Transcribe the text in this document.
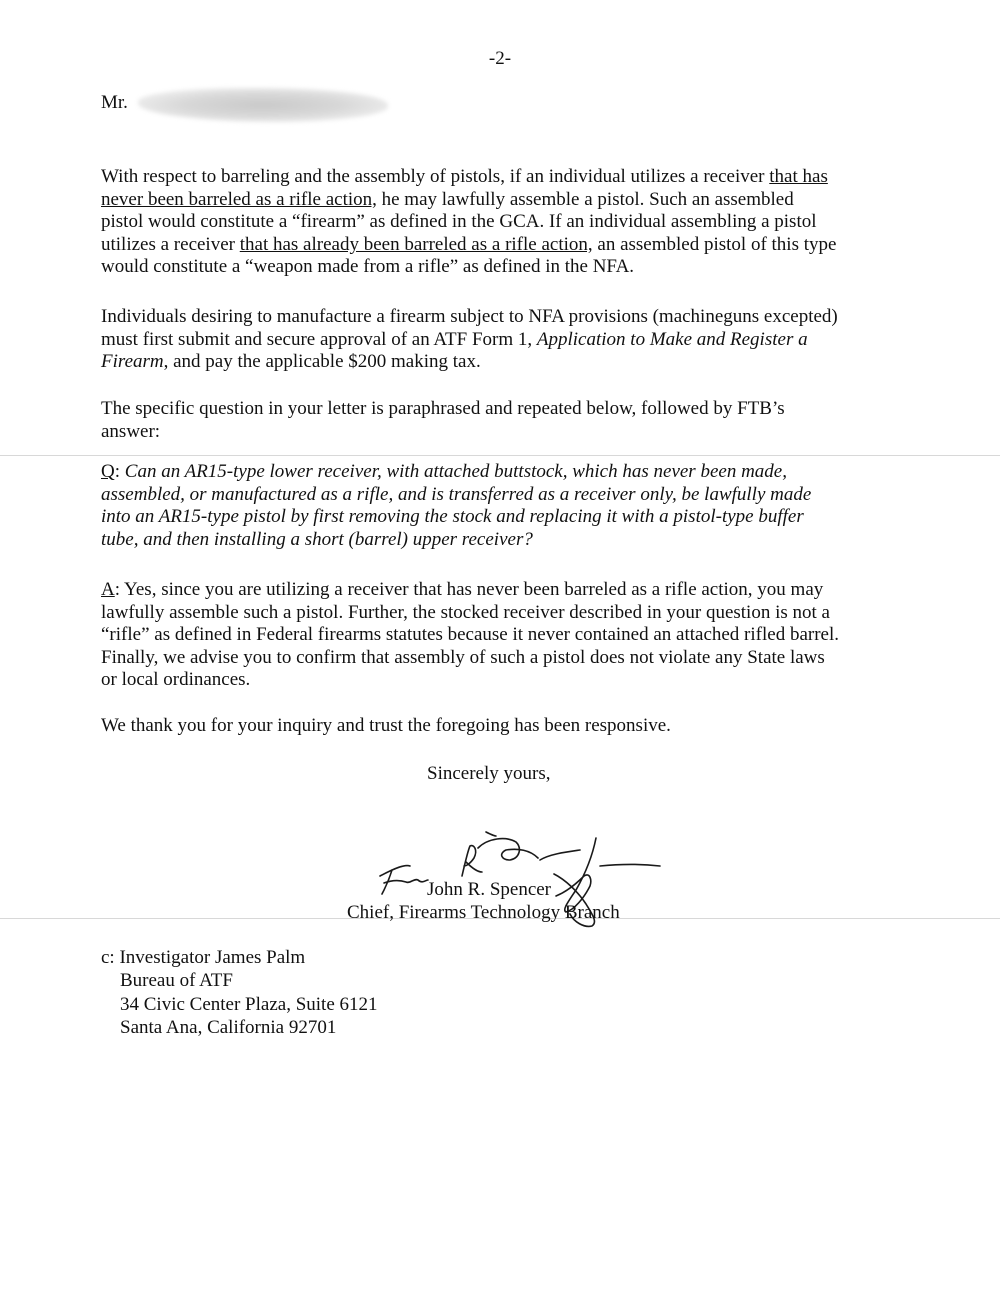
-2-
Mr.
With respect to barreling and the assembly of pistols, if an individual utilizes a receiver that has
never been barreled as a rifle action, he may lawfully assemble a pistol. Such an assembled
pistol would constitute a “firearm” as defined in the GCA. If an individual assembling a pistol
utilizes a receiver that has already been barreled as a rifle action, an assembled pistol of this type
would constitute a “weapon made from a rifle” as defined in the NFA.
Individuals desiring to manufacture a firearm subject to NFA provisions (machineguns excepted)
must first submit and secure approval of an ATF Form 1, Application to Make and Register a
Firearm, and pay the applicable $200 making tax.
The specific question in your letter is paraphrased and repeated below, followed by FTB’s
answer:
Q: Can an AR15-type lower receiver, with attached buttstock, which has never been made,
assembled, or manufactured as a rifle, and is transferred as a receiver only, be lawfully made
into an AR15-type pistol by first removing the stock and replacing it with a pistol-type buffer
tube, and then installing a short (barrel) upper receiver?
A: Yes, since you are utilizing a receiver that has never been barreled as a rifle action, you may
lawfully assemble such a pistol. Further, the stocked receiver described in your question is not a
“rifle” as defined in Federal firearms statutes because it never contained an attached rifled barrel.
Finally, we advise you to confirm that assembly of such a pistol does not violate any State laws
or local ordinances.
We thank you for your inquiry and trust the foregoing has been responsive.
Sincerely yours,
John R. Spencer
Chief, Firearms Technology Branch
c: Investigator James Palm
Bureau of ATF
34 Civic Center Plaza, Suite 6121
Santa Ana, California 92701
